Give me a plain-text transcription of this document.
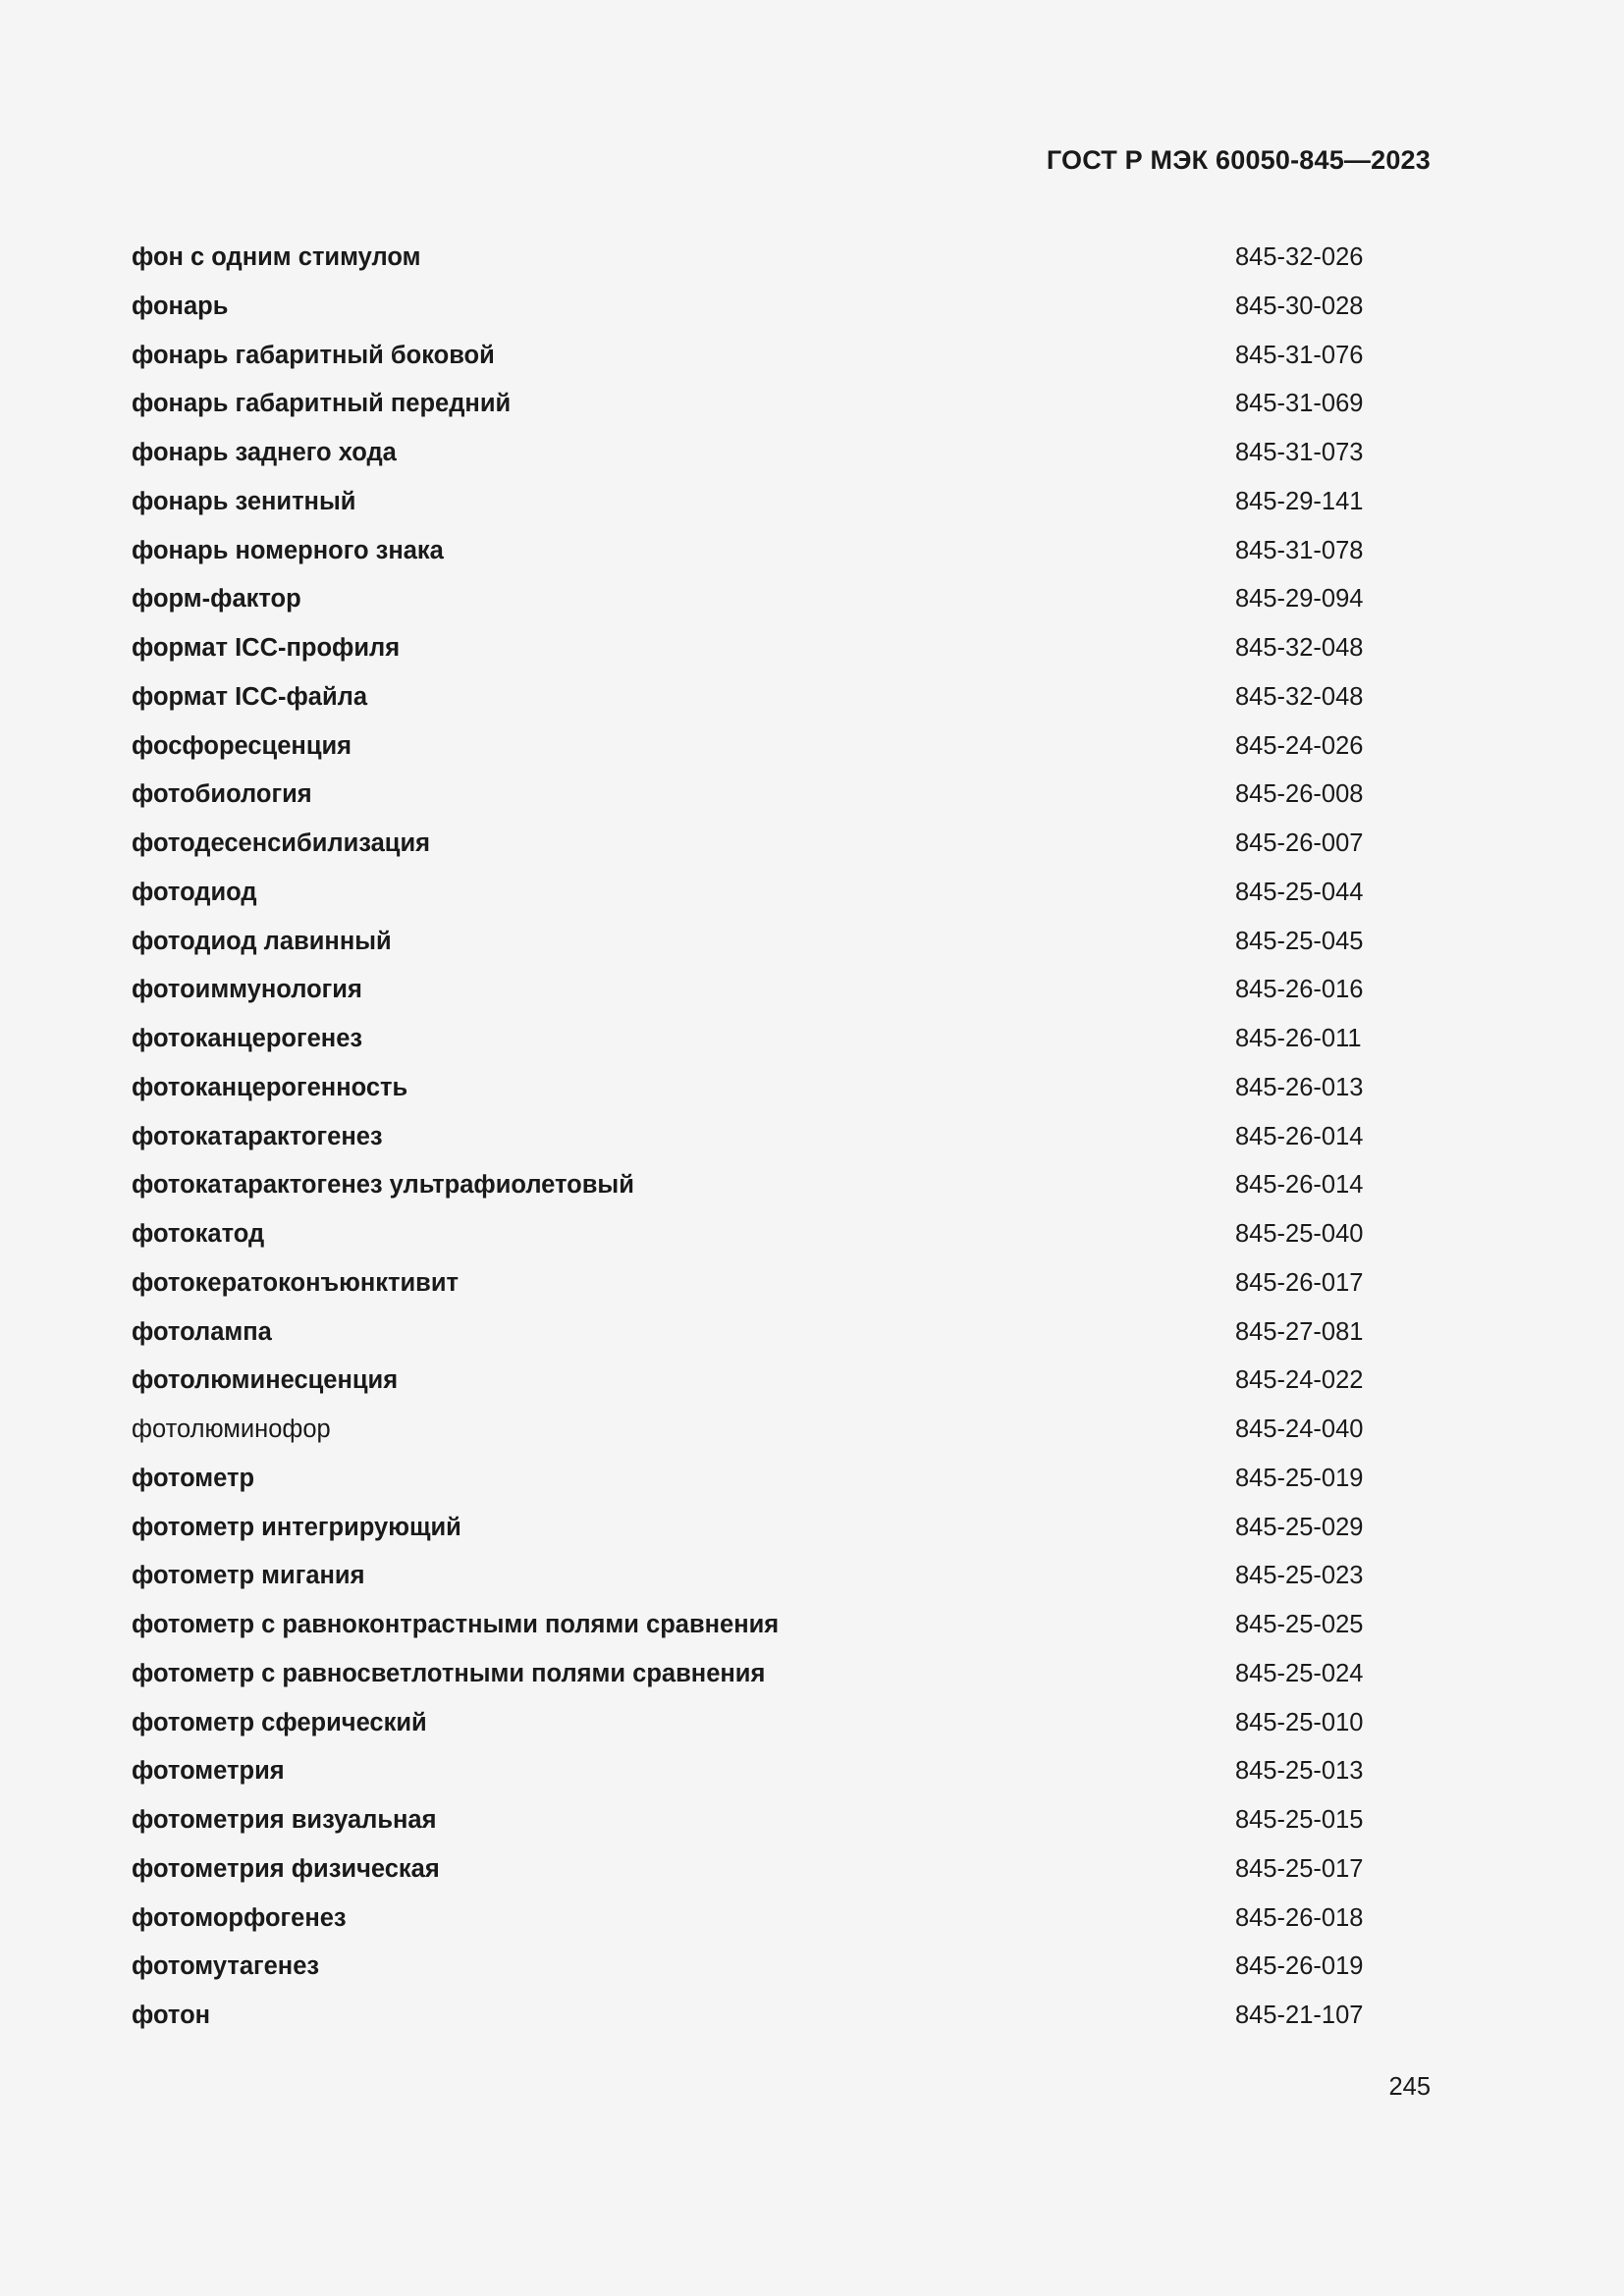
ГОСТ Р МЭК 60050-845—2023
фон с одним стимулом	845-32-026
фонарь	845-30-028
фонарь габаритный боковой	845-31-076
фонарь габаритный передний	845-31-069
фонарь заднего хода	845-31-073
фонарь зенитный	845-29-141
фонарь номерного знака	845-31-078
форм-фактор	845-29-094
формат ICC-профиля	845-32-048
формат ICC-файла	845-32-048
фосфоресценция	845-24-026
фотобиология	845-26-008
фотодесенсибилизация	845-26-007
фотодиод	845-25-044
фотодиод лавинный	845-25-045
фотоиммунология	845-26-016
фотоканцерогенез	845-26-011
фотоканцерогенность	845-26-013
фотокатарактогенез	845-26-014
фотокатарактогенез ультрафиолетовый	845-26-014
фотокатод	845-25-040
фотокератоконъюнктивит	845-26-017
фотолампа	845-27-081
фотолюминесценция	845-24-022
фотолюминофор	845-24-040
фотометр	845-25-019
фотометр интегрирующий	845-25-029
фотометр мигания	845-25-023
фотометр с равноконтрастными полями сравнения	845-25-025
фотометр с равносветлотными полями сравнения	845-25-024
фотометр сферический	845-25-010
фотометрия	845-25-013
фотометрия визуальная	845-25-015
фотометрия физическая	845-25-017
фотоморфогенез	845-26-018
фотомутагенез	845-26-019
фотон	845-21-107
245
